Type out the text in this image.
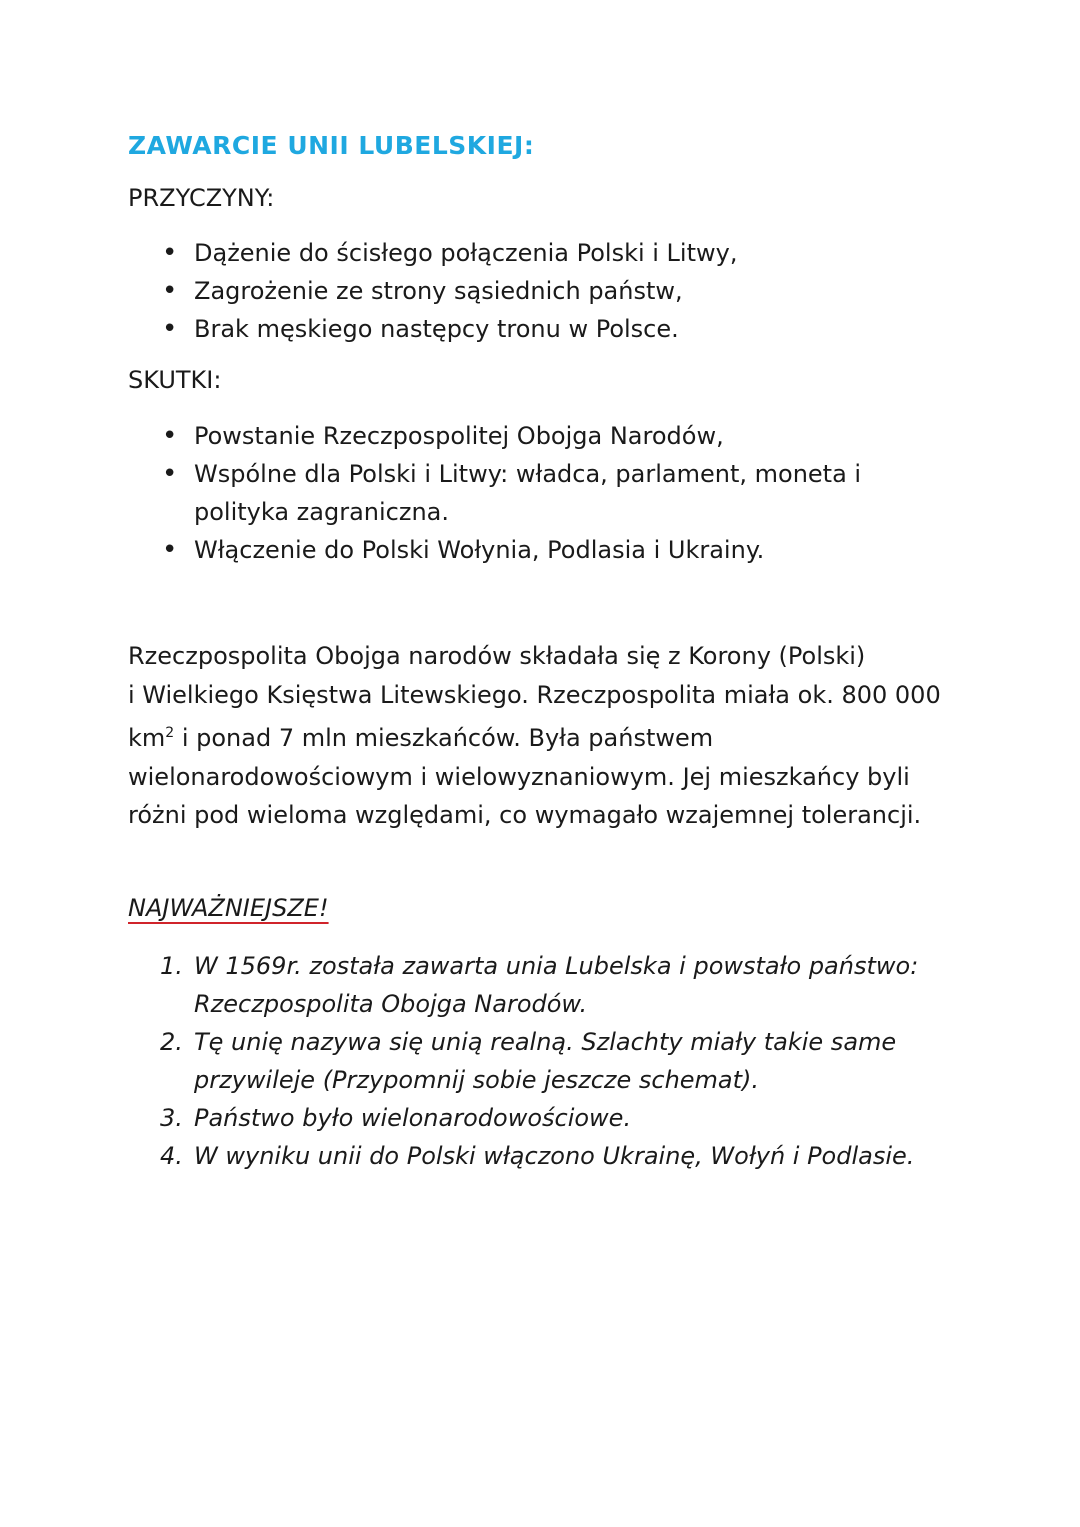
ZAWARCIE UNII LUBELSKIEJ:
PRZYCZYNY:
• Dążenie do ścisłego połączenia Polski i Litwy,
• Zagrożenie ze strony sąsiednich państw,
• Brak męskiego następcy tronu w Polsce.
SKUTKI:
• Powstanie Rzeczpospolitej Obojga Narodów,
• Wspólne dla Polski i Litwy: władca, parlament, moneta i polityka zagraniczna.
• Włączenie do Polski Wołynia, Podlasia i Ukrainy.

Rzeczpospolita Obojga narodów składała się z Korony (Polski)
i Wielkiego Księstwa Litewskiego. Rzeczpospolita miała ok. 800 000
$km^2$ i ponad 7 mln mieszkańców. Była państwem wielonarodowościowym i wielowyznaniowym. Jej mieszkańcy byli różni pod wieloma względami, co wymagało wzajemnej tolerancji.

NAJWAŻNIEJSZE!
1. W 1569r. została zawarta unia Lubelska i powstało państwo: Rzeczpospolita Obojga Narodów.
2. Tę unię nazywa się unią realną. Szlachty miały takie same przywileje (Przypomnij sobie jeszcze schemat).
3. Państwo było wielonarodowościowe.
4. W wyniku unii do Polski włączono Ukrainę, Wołyń i Podlasie.
